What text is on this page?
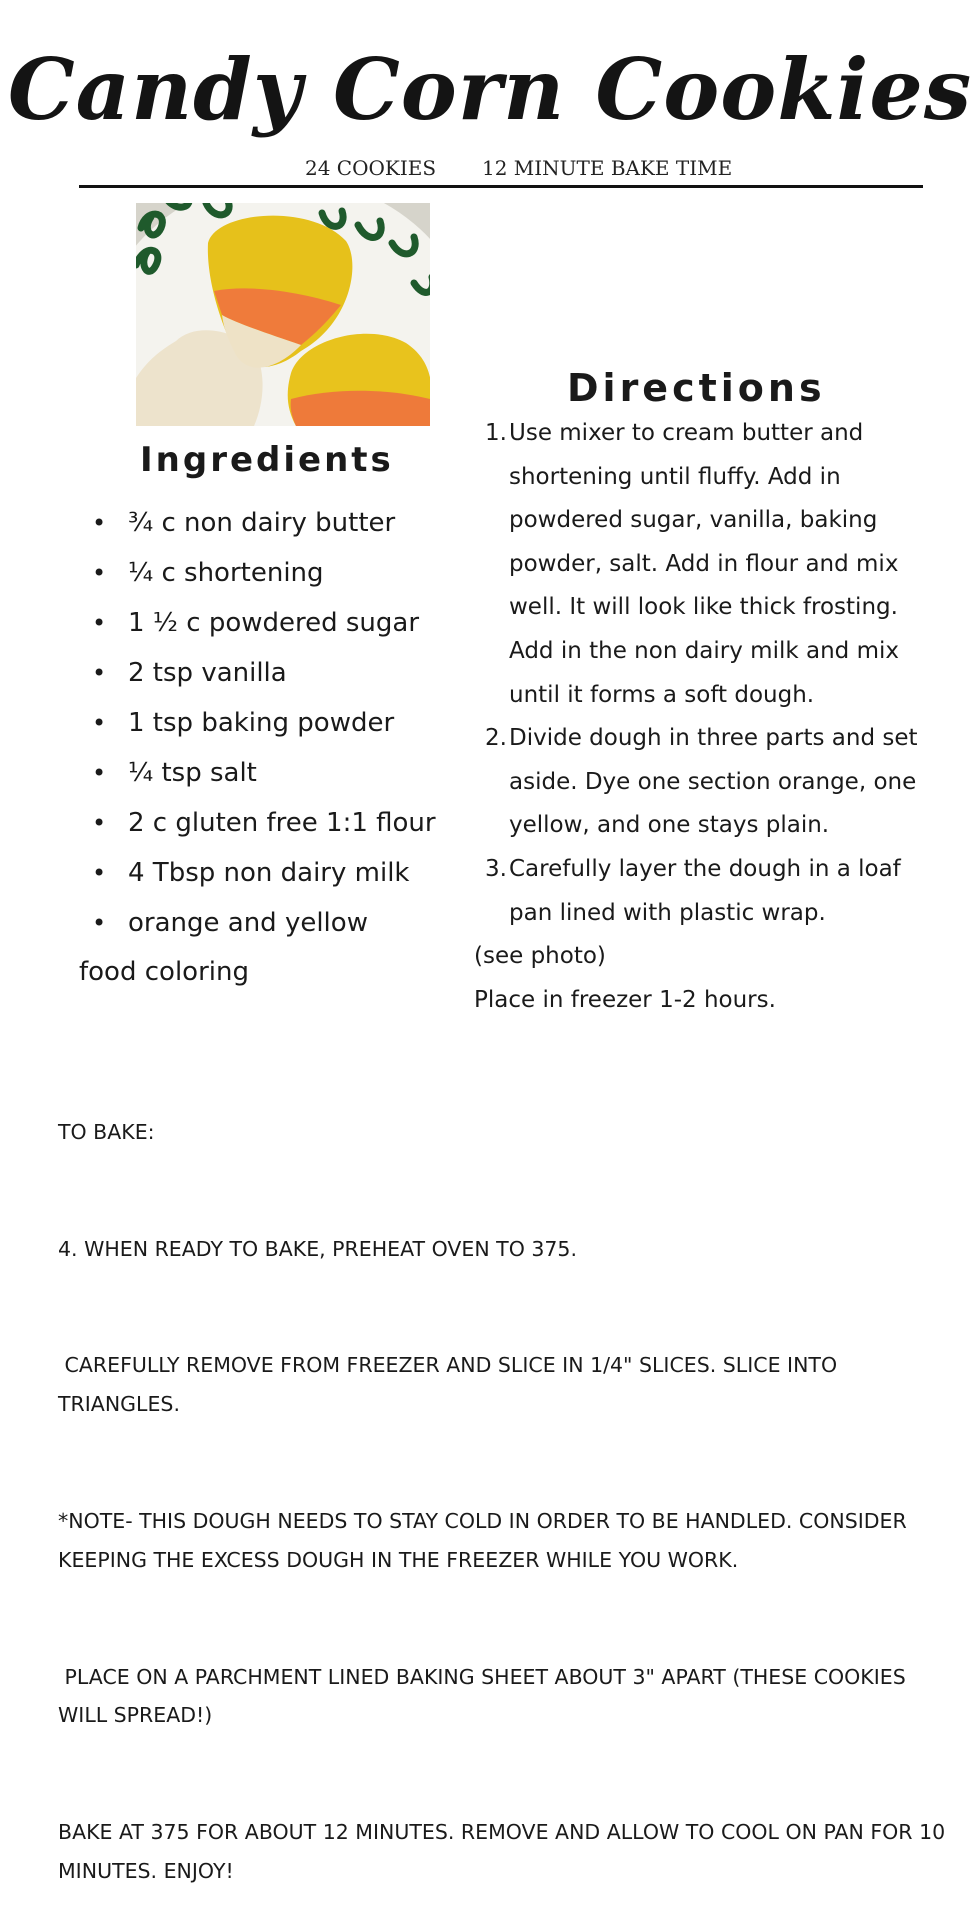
Candy Corn Cookies
24 COOKIES 12 MINUTE BAKE TIME
Ingredients
• ¾ c non dairy butter
• ¼ c shortening
• 1 ½ c powdered sugar
• 2 tsp vanilla
• 1 tsp baking powder
• ¼ tsp salt
• 2 c gluten free 1:1 flour
• 4 Tbsp non dairy milk
• orange and yellow
food coloring
Directions
1. Use mixer to cream butter and shortening until fluffy. Add in powdered sugar, vanilla, baking powder, salt. Add in flour and mix well. It will look like thick frosting. Add in the non dairy milk and mix until it forms a soft dough.
2. Divide dough in three parts and set aside. Dye one section orange, one yellow, and one stays plain.
3. Carefully layer the dough in a loaf pan lined with plastic wrap.
(see photo)
Place in freezer 1-2 hours.

TO BAKE:

4. WHEN READY TO BAKE, PREHEAT OVEN TO 375.

CAREFULLY REMOVE FROM FREEZER AND SLICE IN 1/4" SLICES. SLICE INTO TRIANGLES.

*NOTE- THIS DOUGH NEEDS TO STAY COLD IN ORDER TO BE HANDLED. CONSIDER KEEPING THE EXCESS DOUGH IN THE FREEZER WHILE YOU WORK.

PLACE ON A PARCHMENT LINED BAKING SHEET ABOUT 3" APART (THESE COOKIES WILL SPREAD!)

BAKE AT 375 FOR ABOUT 12 MINUTES. REMOVE AND ALLOW TO COOL ON PAN FOR 10 MINUTES. ENJOY!
